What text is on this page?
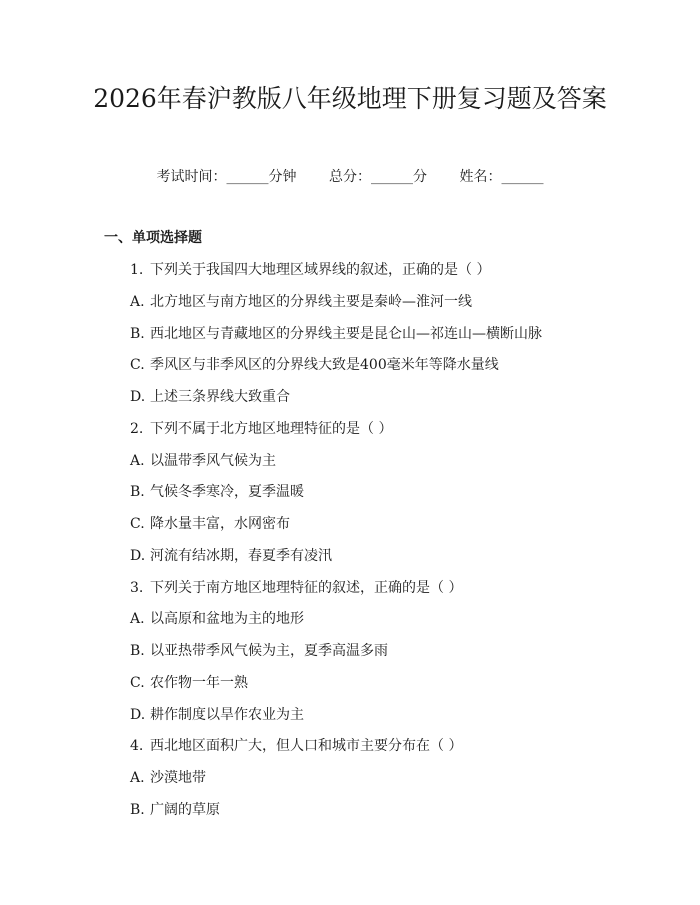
2026年春沪教版八年级地理下册复习题及答案
考试时间：______分钟 总分：______分 姓名：______
一、单项选择题
1. 下列关于我国四大地理区域界线的叙述，正确的是（ ）
A. 北方地区与南方地区的分界线主要是秦岭—淮河一线
B. 西北地区与青藏地区的分界线主要是昆仑山—祁连山—横断山脉
C. 季风区与非季风区的分界线大致是400毫米年等降水量线
D. 上述三条界线大致重合
2. 下列不属于北方地区地理特征的是（ ）
A. 以温带季风气候为主
B. 气候冬季寒冷，夏季温暖
C. 降水量丰富，水网密布
D. 河流有结冰期，春夏季有凌汛
3. 下列关于南方地区地理特征的叙述，正确的是（ ）
A. 以高原和盆地为主的地形
B. 以亚热带季风气候为主，夏季高温多雨
C. 农作物一年一熟
D. 耕作制度以旱作农业为主
4. 西北地区面积广大，但人口和城市主要分布在（ ）
A. 沙漠地带
B. 广阔的草原
